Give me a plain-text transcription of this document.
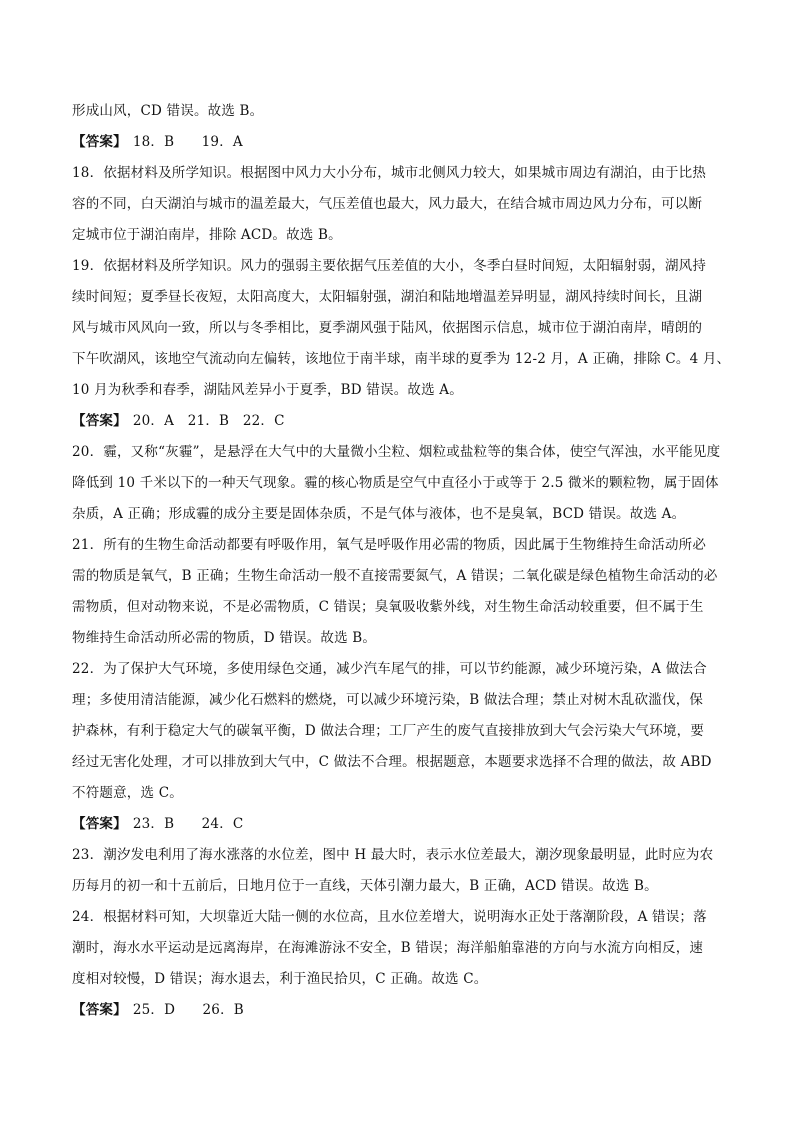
形成山风，CD 错误。故选 B。
【答案】 18．B　　19．A
18．依据材料及所学知识。根据图中风力大小分布，城市北侧风力较大，如果城市周边有湖泊，由于比热
容的不同，白天湖泊与城市的温差最大，气压差值也最大，风力最大，在结合城市周边风力分布，可以断
定城市位于湖泊南岸，排除 ACD。故选 B。
19．依据材料及所学知识。风力的强弱主要依据气压差值的大小，冬季白昼时间短，太阳辐射弱，湖风持
续时间短；夏季昼长夜短，太阳高度大，太阳辐射强，湖泊和陆地增温差异明显，湖风持续时间长，且湖
风与城市风风向一致，所以与冬季相比，夏季湖风强于陆风，依据图示信息，城市位于湖泊南岸，晴朗的
下午吹湖风，该地空气流动向左偏转，该地位于南半球，南半球的夏季为 12-2 月，A 正确，排除 C。4 月、
10 月为秋季和春季，湖陆风差异小于夏季，BD 错误。故选 A。
【答案】 20．A　21．B　22．C
20．霾，又称“灰霾”，是悬浮在大气中的大量微小尘粒、烟粒或盐粒等的集合体，使空气浑浊，水平能见度
降低到 10 千米以下的一种天气现象。霾的核心物质是空气中直径小于或等于 2.5 微米的颗粒物，属于固体
杂质，A 正确；形成霾的成分主要是固体杂质，不是气体与液体，也不是臭氧，BCD 错误。故选 A。
21．所有的生物生命活动都要有呼吸作用，氧气是呼吸作用必需的物质，因此属于生物维持生命活动所必
需的物质是氧气，B 正确；生物生命活动一般不直接需要氮气，A 错误；二氧化碳是绿色植物生命活动的必
需物质，但对动物来说，不是必需物质，C 错误；臭氧吸收紫外线，对生物生命活动较重要，但不属于生
物维持生命活动所必需的物质，D 错误。故选 B。
22．为了保护大气环境，多使用绿色交通，减少汽车尾气的排，可以节约能源，减少环境污染，A 做法合
理；多使用清洁能源，减少化石燃料的燃烧，可以减少环境污染，B 做法合理；禁止对树木乱砍滥伐，保
护森林，有利于稳定大气的碳氧平衡，D 做法合理；工厂产生的废气直接排放到大气会污染大气环境，要
经过无害化处理，才可以排放到大气中，C 做法不合理。根据题意，本题要求选择不合理的做法，故 ABD
不符题意，选 C。
【答案】 23．B　　24．C
23．潮汐发电利用了海水涨落的水位差，图中 H 最大时，表示水位差最大，潮汐现象最明显，此时应为农
历每月的初一和十五前后，日地月位于一直线，天体引潮力最大，B 正确，ACD 错误。故选 B。
24．根据材料可知，大坝靠近大陆一侧的水位高，且水位差增大，说明海水正处于落潮阶段，A 错误；落
潮时，海水水平运动是远离海岸，在海滩游泳不安全，B 错误；海洋船舶靠港的方向与水流方向相反，速
度相对较慢，D 错误；海水退去，利于渔民拾贝，C 正确。故选 C。
【答案】 25．D　　26．B
